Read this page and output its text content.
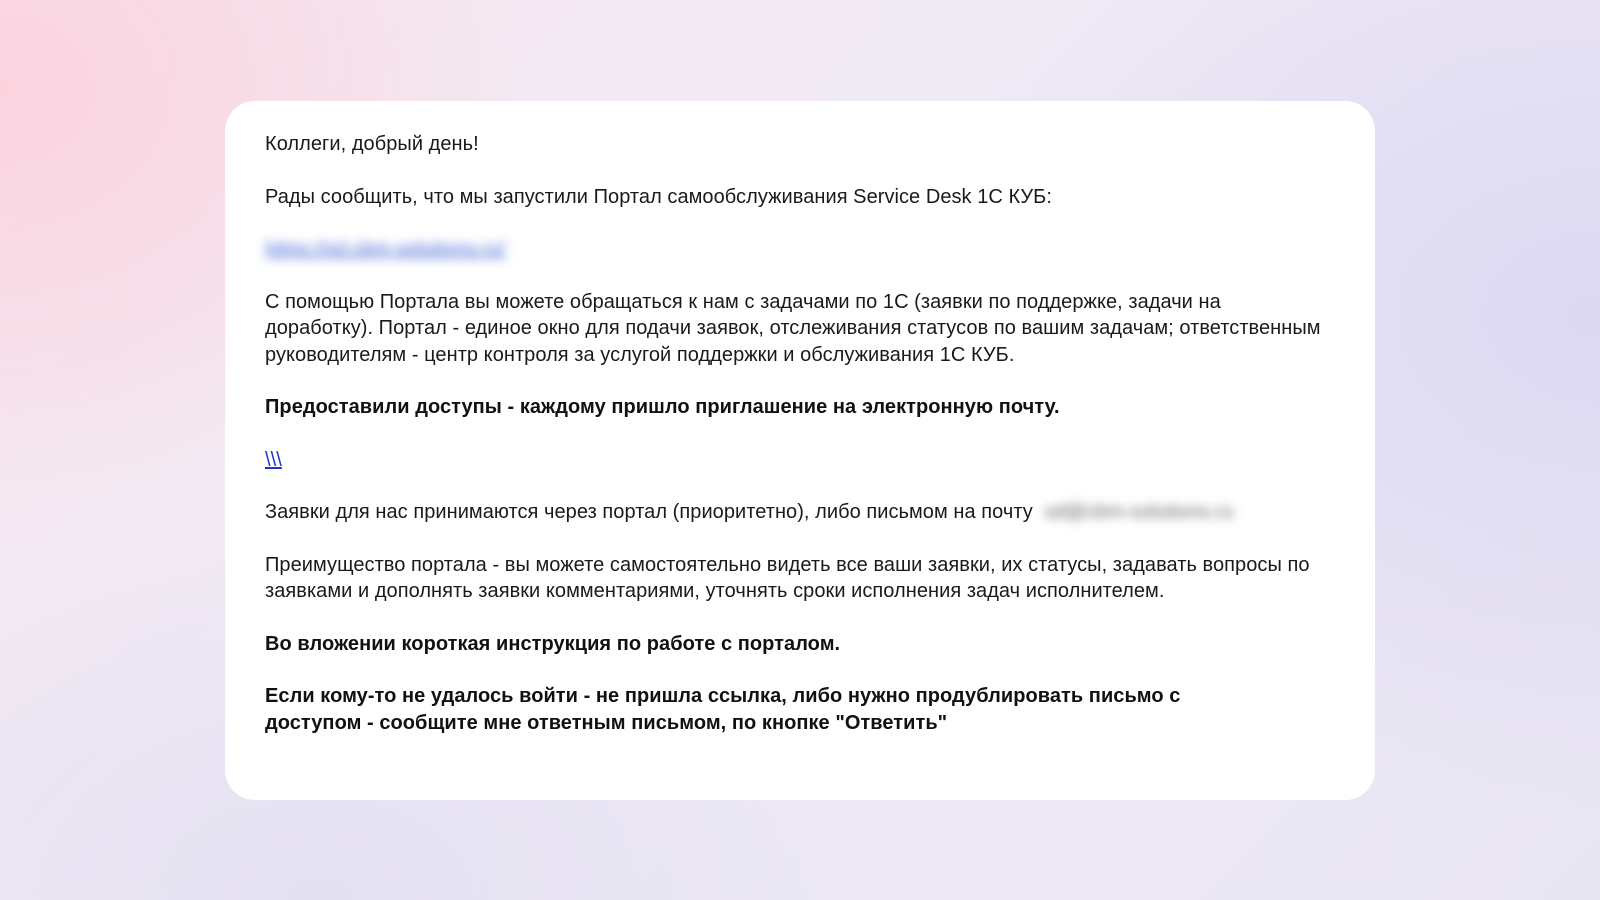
Коллеги, добрый день!

Рады сообщить, что мы запустили Портал самообслуживания Service Desk 1С КУБ:

https://sd.cbm-solutions.ru/

С помощью Портала вы можете обращаться к нам с задачами по 1С (заявки по поддержке, задачи на доработку). Портал - единое окно для подачи заявок, отслеживания статусов по вашим задачам; ответственным руководителям - центр контроля за услугой поддержки и обслуживания 1С КУБ.

Предоставили доступы - каждому пришло приглашение на электронную почту.

\\\

Заявки для нас принимаются через портал (приоритетно), либо письмом на почту sd@cbm-solutions.ru

Преимущество портала - вы можете самостоятельно видеть все ваши заявки, их статусы, задавать вопросы по заявками и дополнять заявки комментариями, уточнять сроки исполнения задач исполнителем.

Во вложении короткая инструкция по работе с порталом.

Если кому-то не удалось войти - не пришла ссылка, либо нужно продублировать письмо с доступом - сообщите мне ответным письмом, по кнопке "Ответить"
